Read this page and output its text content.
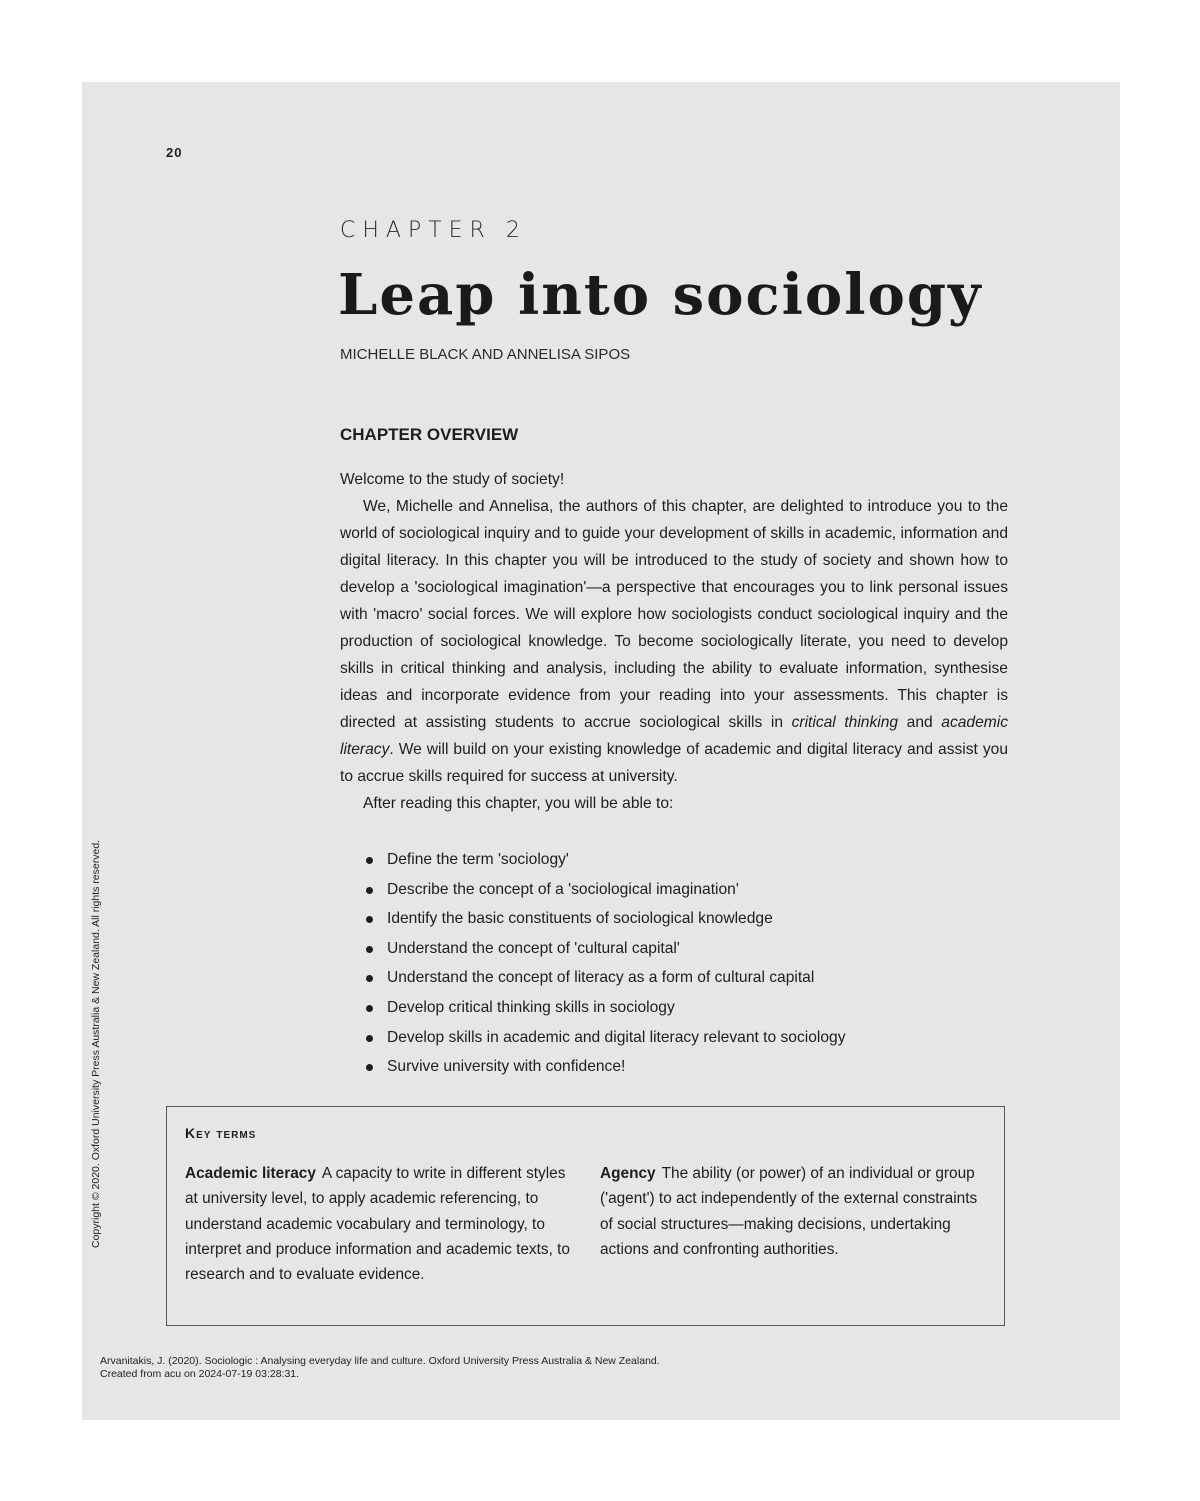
20
CHAPTER 2
Leap into sociology
MICHELLE BLACK AND ANNELISA SIPOS
CHAPTER OVERVIEW

Welcome to the study of society!

We, Michelle and Annelisa, the authors of this chapter, are delighted to introduce you to the world of sociological inquiry and to guide your development of skills in academic, information and digital literacy. In this chapter you will be introduced to the study of society and shown how to develop a 'sociological imagination'—a perspective that encourages you to link personal issues with 'macro' social forces. We will explore how sociologists conduct sociological inquiry and the production of sociological knowledge. To become sociologically literate, you need to develop skills in critical thinking and analysis, including the ability to evaluate information, synthesise ideas and incorporate evidence from your reading into your assessments. This chapter is directed at assisting students to accrue sociological skills in critical thinking and academic literacy. We will build on your existing knowledge of academic and digital literacy and assist you to accrue skills required for success at university.

After reading this chapter, you will be able to:

Define the term 'sociology'
Describe the concept of a 'sociological imagination'
Identify the basic constituents of sociological knowledge
Understand the concept of 'cultural capital'
Understand the concept of literacy as a form of cultural capital
Develop critical thinking skills in sociology
Develop skills in academic and digital literacy relevant to sociology
Survive university with confidence!
Key terms
Academic literacy A capacity to write in different styles at university level, to apply academic referencing, to understand academic vocabulary and terminology, to interpret and produce information and academic texts, to research and to evaluate evidence.
Agency The ability (or power) of an individual or group ('agent') to act independently of the external constraints of social structures—making decisions, undertaking actions and confronting authorities.
Copyright © 2020. Oxford University Press Australia & New Zealand. All rights reserved.
Arvanitakis, J. (2020). Sociologic : Analysing everyday life and culture. Oxford University Press Australia & New Zealand.
Created from acu on 2024-07-19 03:28:31.
